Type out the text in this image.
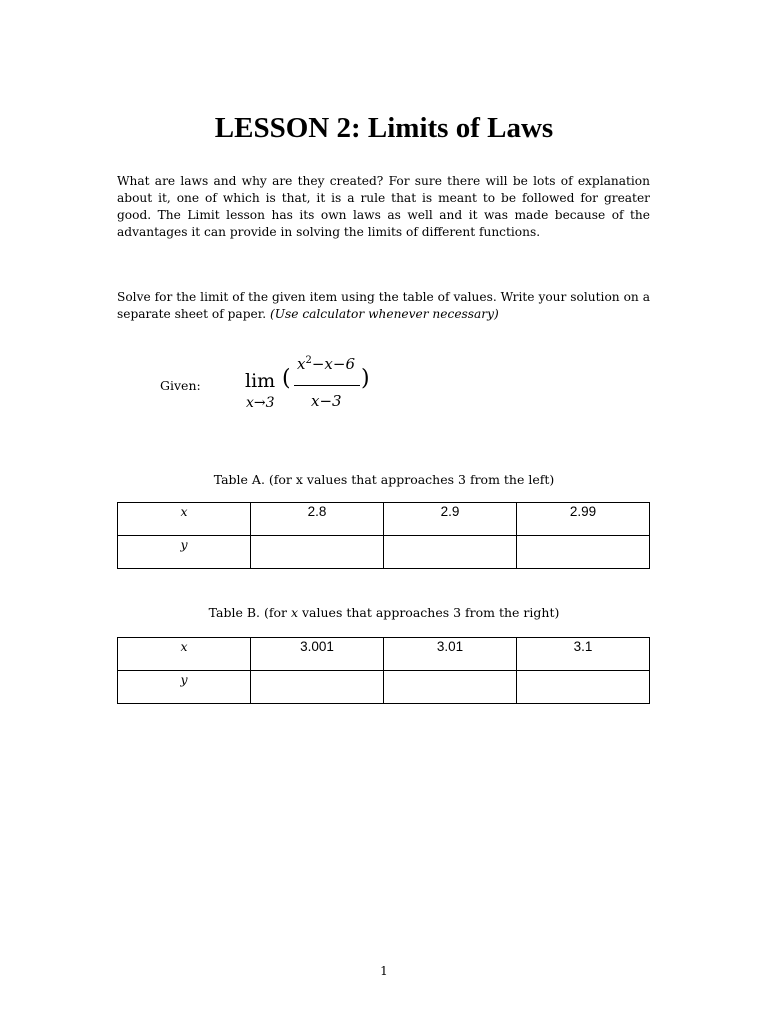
LESSON 2: Limits of Laws
What are laws and why are they created? For sure there will be lots of explanation about it, one of which is that, it is a rule that is meant to be followed for greater good. The Limit lesson has its own laws as well and it was made because of the advantages it can provide in solving the limits of different functions.
Solve for the limit of the given item using the table of values. Write your solution on a separate sheet of paper. (Use calculator whenever necessary)
Given: lim
x→3
(
$x^2-x-6$
x−3
)
Table A. (for x values that approaches 3 from the left)
x	2.8	2.9	2.99
y			
Table B. (for x values that approaches 3 from the right)
x	3.001	3.01	3.1
y			
1
